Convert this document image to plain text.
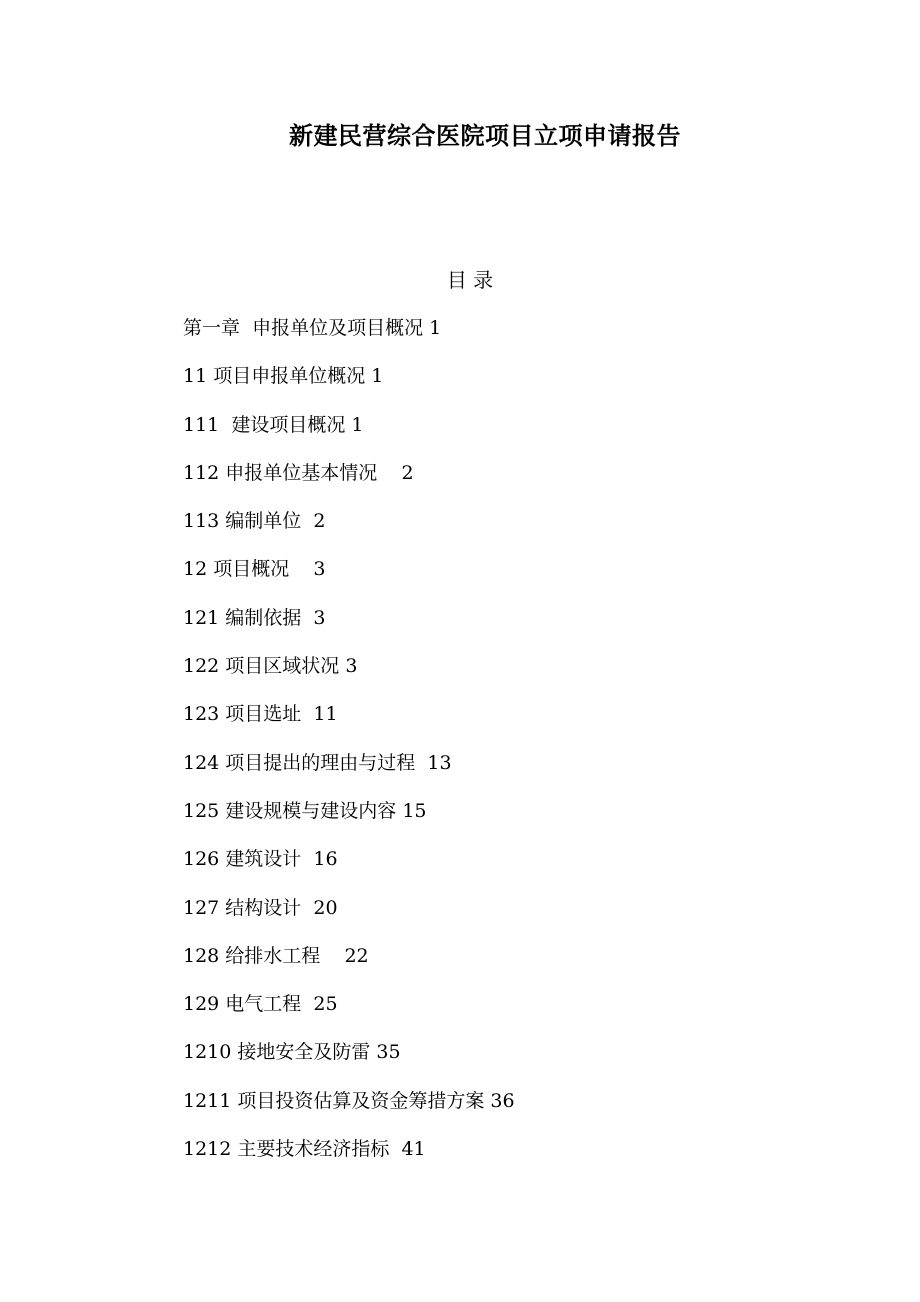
新建民营综合医院项目立项申请报告
目 录
第一章  申报单位及项目概况 1
11 项目申报单位概况 1
111  建设项目概况 1
112 申报单位基本情况    2
113 编制单位  2
12 项目概况    3
121 编制依据  3
122 项目区域状况 3
123 项目选址  11
124 项目提出的理由与过程  13
125 建设规模与建设内容 15
126 建筑设计  16
127 结构设计  20
128 给排水工程    22
129 电气工程  25
1210 接地安全及防雷 35
1211 项目投资估算及资金筹措方案 36
1212 主要技术经济指标  41
